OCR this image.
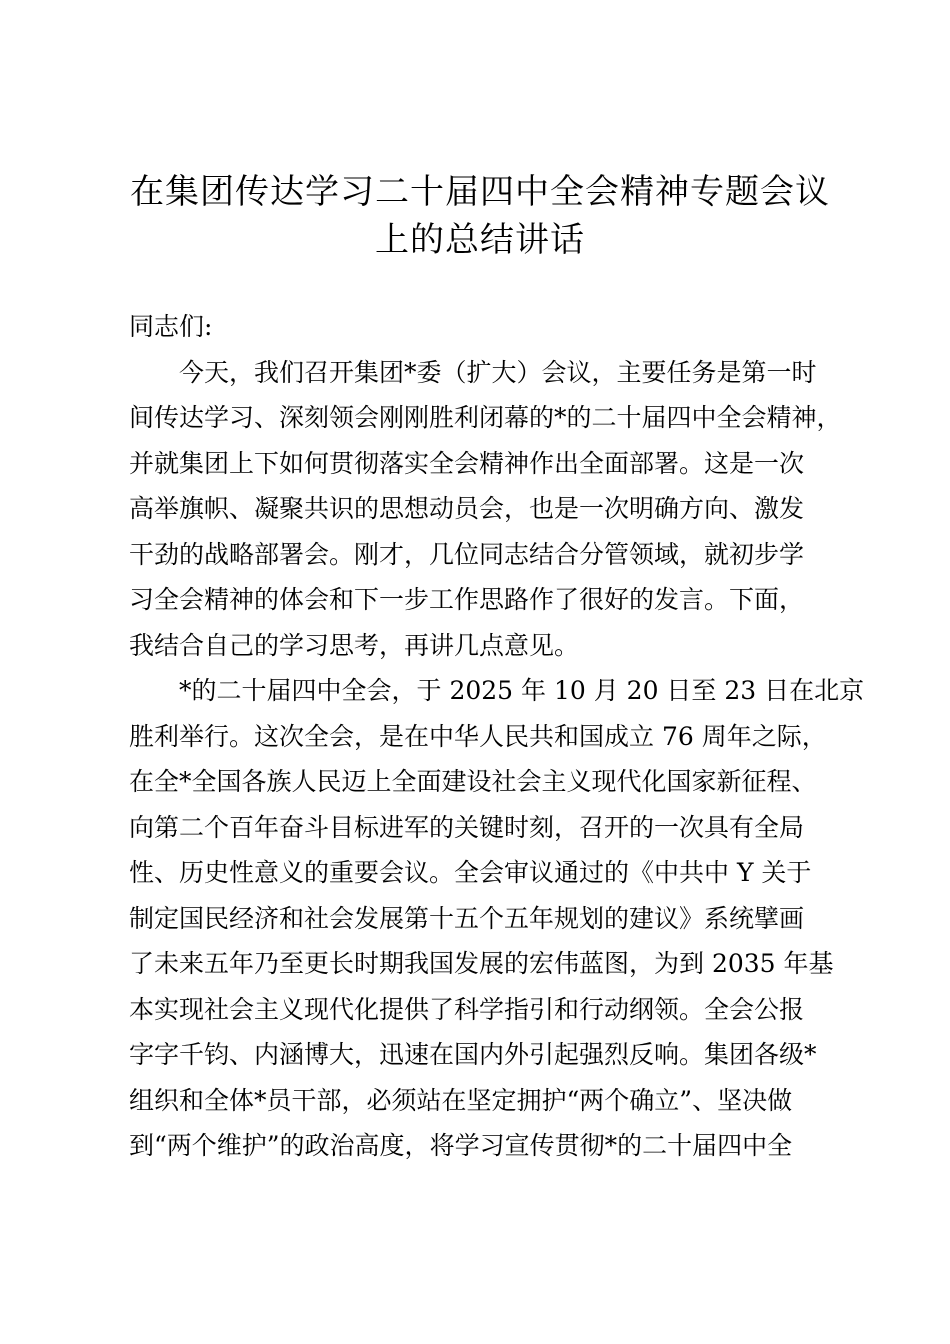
在集团传达学习二十届四中全会精神专题会议
上的总结讲话
同志们:
今天，我们召开集团*委（扩大）会议，主要任务是第一时
间传达学习、深刻领会刚刚胜利闭幕的*的二十届四中全会精神，
并就集团上下如何贯彻落实全会精神作出全面部署。这是一次
高举旗帜、凝聚共识的思想动员会，也是一次明确方向、激发
干劲的战略部署会。刚才，几位同志结合分管领域，就初步学
习全会精神的体会和下一步工作思路作了很好的发言。下面，
我结合自己的学习思考，再讲几点意见。
*的二十届四中全会，于 2025 年 10 月 20 日至 23 日在北京
胜利举行。这次全会，是在中华人民共和国成立 76 周年之际，
在全*全国各族人民迈上全面建设社会主义现代化国家新征程、
向第二个百年奋斗目标进军的关键时刻，召开的一次具有全局
性、历史性意义的重要会议。全会审议通过的《中共中 Y 关于
制定国民经济和社会发展第十五个五年规划的建议》系统擘画
了未来五年乃至更长时期我国发展的宏伟蓝图，为到 2035 年基
本实现社会主义现代化提供了科学指引和行动纲领。全会公报
字字千钧、内涵博大，迅速在国内外引起强烈反响。集团各级*
组织和全体*员干部，必须站在坚定拥护“两个确立”、坚决做
到“两个维护”的政治高度，将学习宣传贯彻*的二十届四中全
